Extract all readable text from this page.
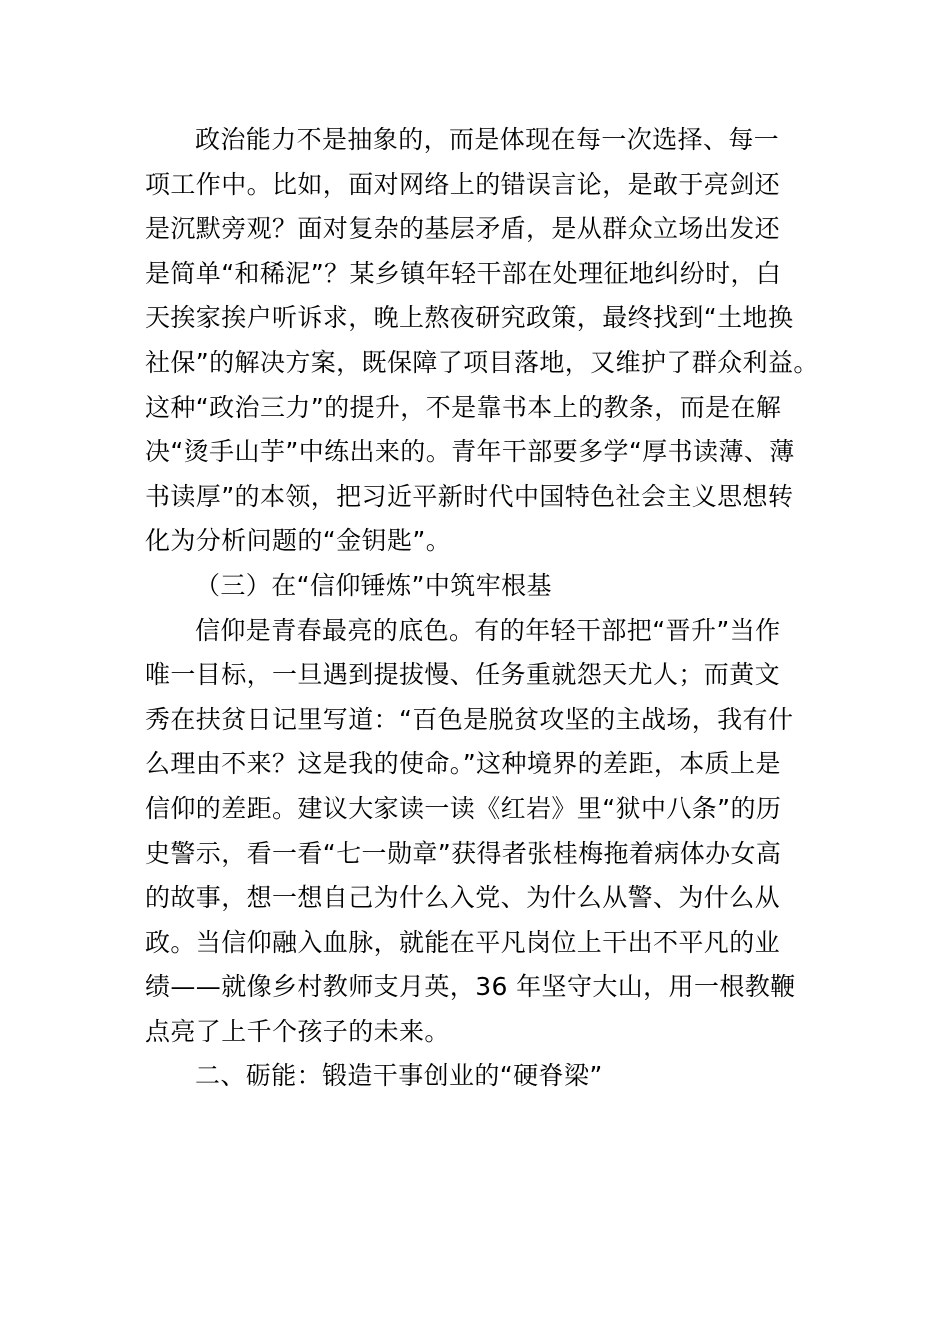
政治能力不是抽象的，而是体现在每一次选择、每一
项工作中。比如，面对网络上的错误言论，是敢于亮剑还
是沉默旁观？面对复杂的基层矛盾，是从群众立场出发还
是简单“和稀泥”？某乡镇年轻干部在处理征地纠纷时，白
天挨家挨户听诉求，晚上熬夜研究政策，最终找到“土地换
社保”的解决方案，既保障了项目落地，又维护了群众利益。
这种“政治三力”的提升，不是靠书本上的教条，而是在解
决“烫手山芋”中练出来的。青年干部要多学“厚书读薄、薄
书读厚”的本领，把习近平新时代中国特色社会主义思想转
化为分析问题的“金钥匙”。
（三）在“信仰锤炼”中筑牢根基
信仰是青春最亮的底色。有的年轻干部把“晋升”当作
唯一目标，一旦遇到提拔慢、任务重就怨天尤人；而黄文
秀在扶贫日记里写道：“百色是脱贫攻坚的主战场，我有什
么理由不来？这是我的使命。”这种境界的差距，本质上是
信仰的差距。建议大家读一读《红岩》里“狱中八条”的历
史警示，看一看“七一勋章”获得者张桂梅拖着病体办女高
的故事，想一想自己为什么入党、为什么从警、为什么从
政。当信仰融入血脉，就能在平凡岗位上干出不平凡的业
绩——就像乡村教师支月英，36 年坚守大山，用一根教鞭
点亮了上千个孩子的未来。
二、砺能：锻造干事创业的“硬脊梁”
